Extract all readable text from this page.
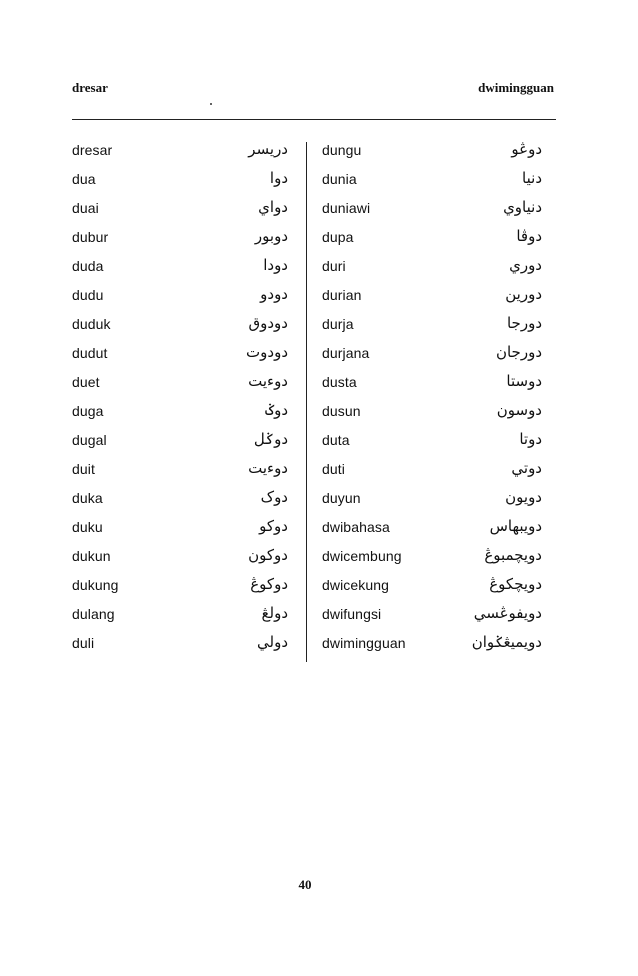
dresar	dwimingguan
dresar	دريسر
dua	دوا
duai	دواي
dubur	دوبور
duda	دودا
dudu	دودو
duduk	دودوق
dudut	دودوت
duet	دوءيت
duga	دوݢ
dugal	دوݢل
duit	دوءيت
duka	دوک
duku	دوکو
dukun	دوکون
dukung	دوکوڠ
dulang	دولڠ
duli	دولي
dungu	دوڠو
dunia	دنيا
duniawi	دنياوي
dupa	دوڤا
duri	دوري
durian	دورين
durja	دورجا
durjana	دورجان
dusta	دوستا
dusun	دوسون
duta	دوتا
duti	دوتي
duyun	دويون
dwibahasa	دويبهاس
dwicembung	دويچمبوڠ
dwicekung	دويچکوڠ
dwifungsi	دويفوڠسي
dwimingguan	دويميڠݢوان
40
